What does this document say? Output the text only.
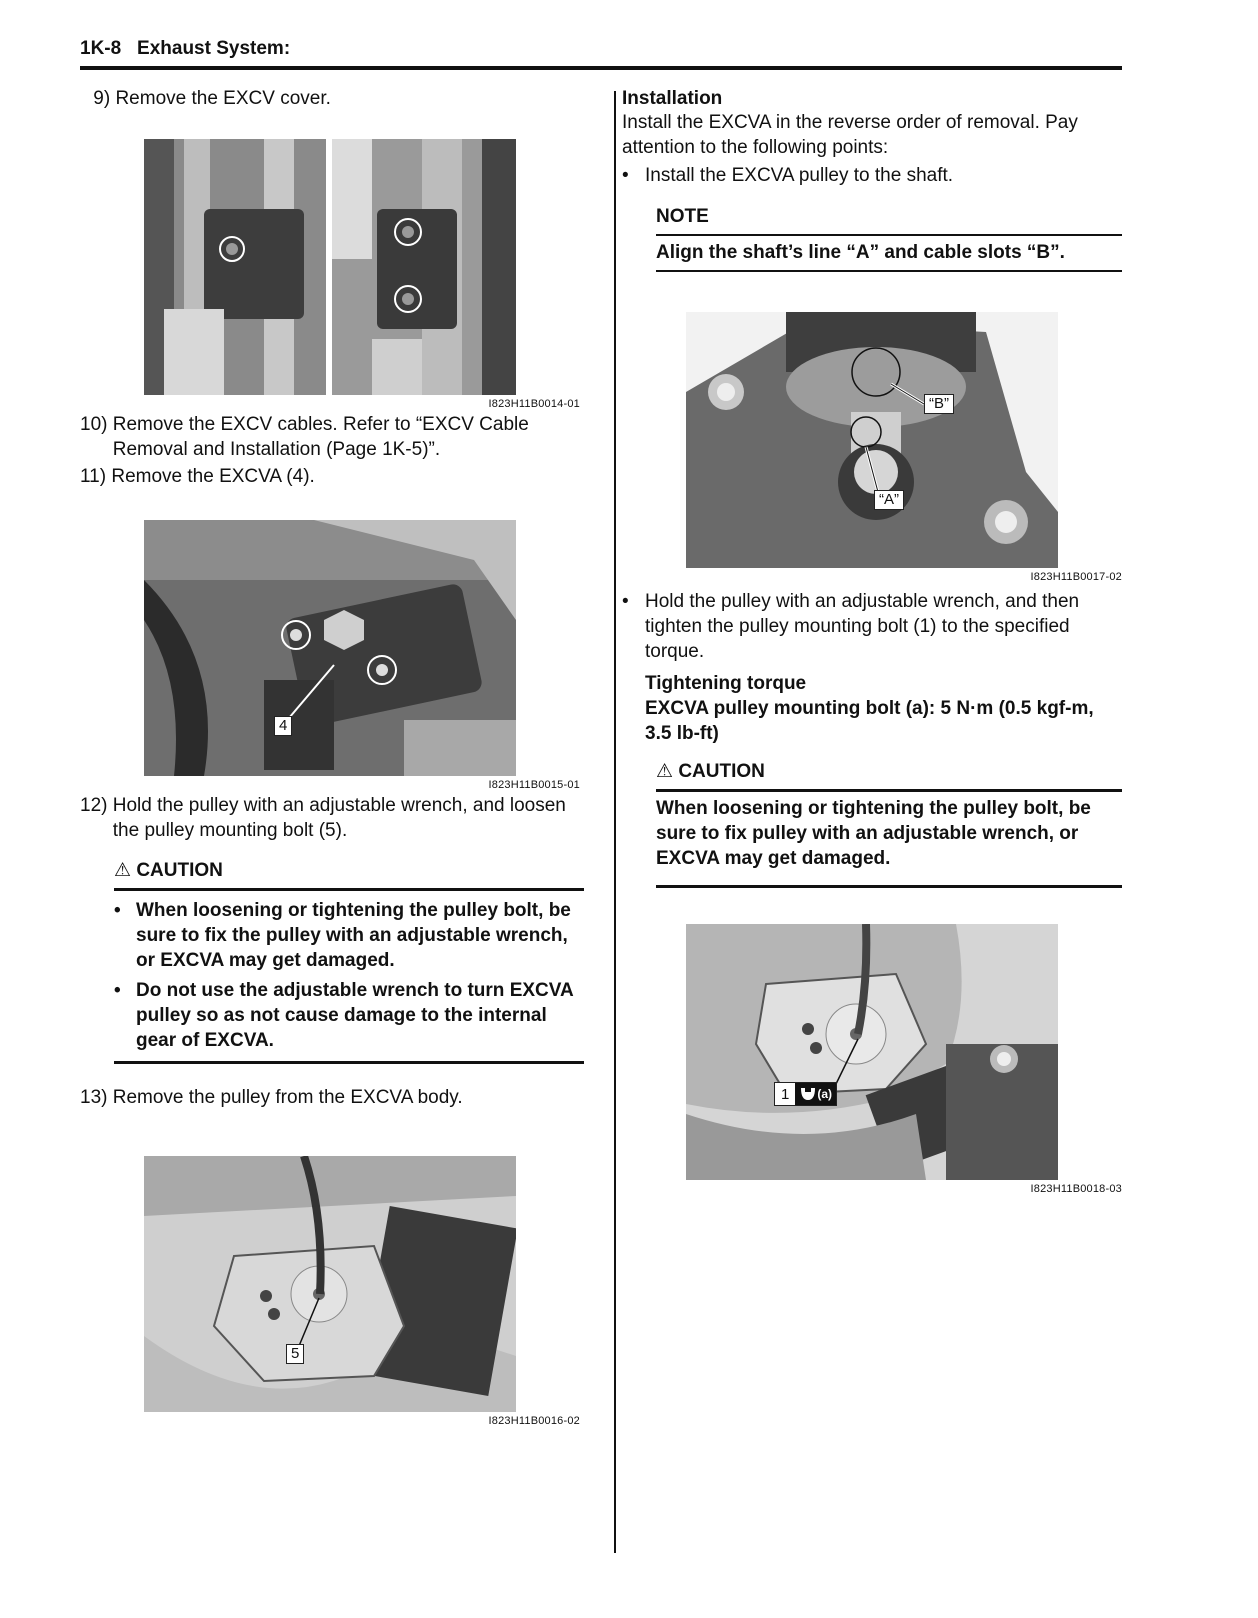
1K-8 Exhaust System:
9) Remove the EXCV cover.
I823H11B0014-01
10) Remove the EXCV cables. Refer to “EXCV Cable Removal and Installation (Page 1K-5)”.
11) Remove the EXCVA (4).
4
I823H11B0015-01
12) Hold the pulley with an adjustable wrench, and loosen the pulley mounting bolt (5).
⚠ CAUTION
• When loosening or tightening the pulley bolt, be sure to fix the pulley with an adjustable wrench, or EXCVA may get damaged.
• Do not use the adjustable wrench to turn EXCVA pulley so as not cause damage to the internal gear of EXCVA.
13) Remove the pulley from the EXCVA body.
5
I823H11B0016-02
Installation
Install the EXCVA in the reverse order of removal. Pay attention to the following points:
• Install the EXCVA pulley to the shaft.
NOTE
Align the shaft’s line “A” and cable slots “B”.
“B”
“A”
I823H11B0017-02
• Hold the pulley with an adjustable wrench, and then tighten the pulley mounting bolt (1) to the specified torque.
Tightening torque
EXCVA pulley mounting bolt (a): 5 N·m (0.5 kgf-m, 3.5 lb-ft)
⚠ CAUTION
When loosening or tightening the pulley bolt, be sure to fix pulley with an adjustable wrench, or EXCVA may get damaged.
1	(a)
I823H11B0018-03
